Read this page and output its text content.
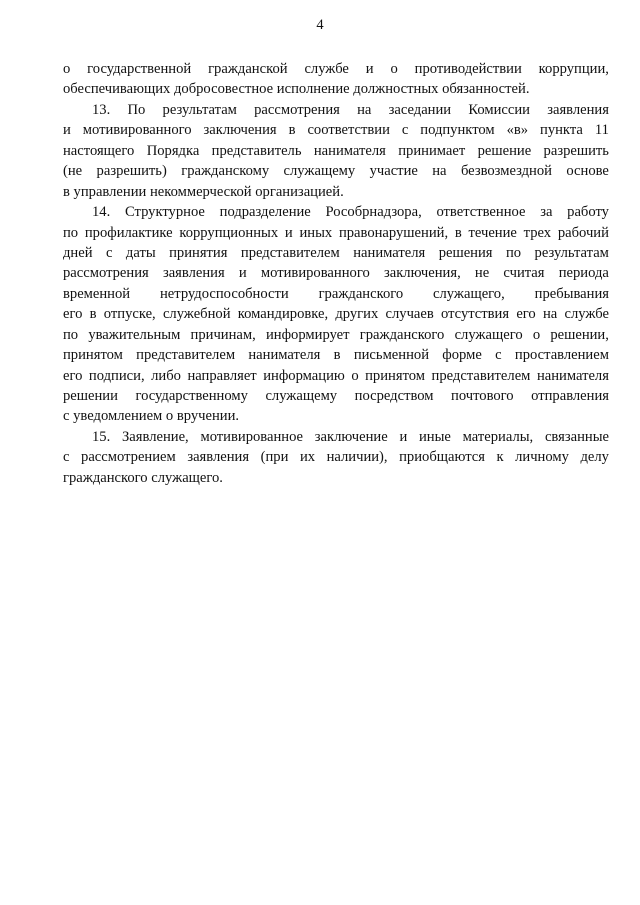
4
о государственной гражданской службе и о противодействии коррупции,
обеспечивающих добросовестное исполнение должностных обязанностей.
13. По результатам рассмотрения на заседании Комиссии заявления
и мотивированного заключения в соответствии с подпунктом «в» пункта 11
настоящего Порядка представитель нанимателя принимает решение разрешить
(не разрешить) гражданскому служащему участие на безвозмездной основе
в управлении некоммерческой организацией.
14. Структурное подразделение Рособрнадзора, ответственное за работу
по профилактике коррупционных и иных правонарушений, в течение трех рабочий
дней с даты принятия представителем нанимателя решения по результатам
рассмотрения заявления и мотивированного заключения, не считая периода
временной нетрудоспособности гражданского служащего, пребывания
его в отпуске, служебной командировке, других случаев отсутствия его на службе
по уважительным причинам, информирует гражданского служащего о решении,
принятом представителем нанимателя в письменной форме с проставлением
его подписи, либо направляет информацию о принятом представителем нанимателя
решении государственному служащему посредством почтового отправления
с уведомлением о вручении.
15. Заявление, мотивированное заключение и иные материалы, связанные
с рассмотрением заявления (при их наличии), приобщаются к личному делу
гражданского служащего.
